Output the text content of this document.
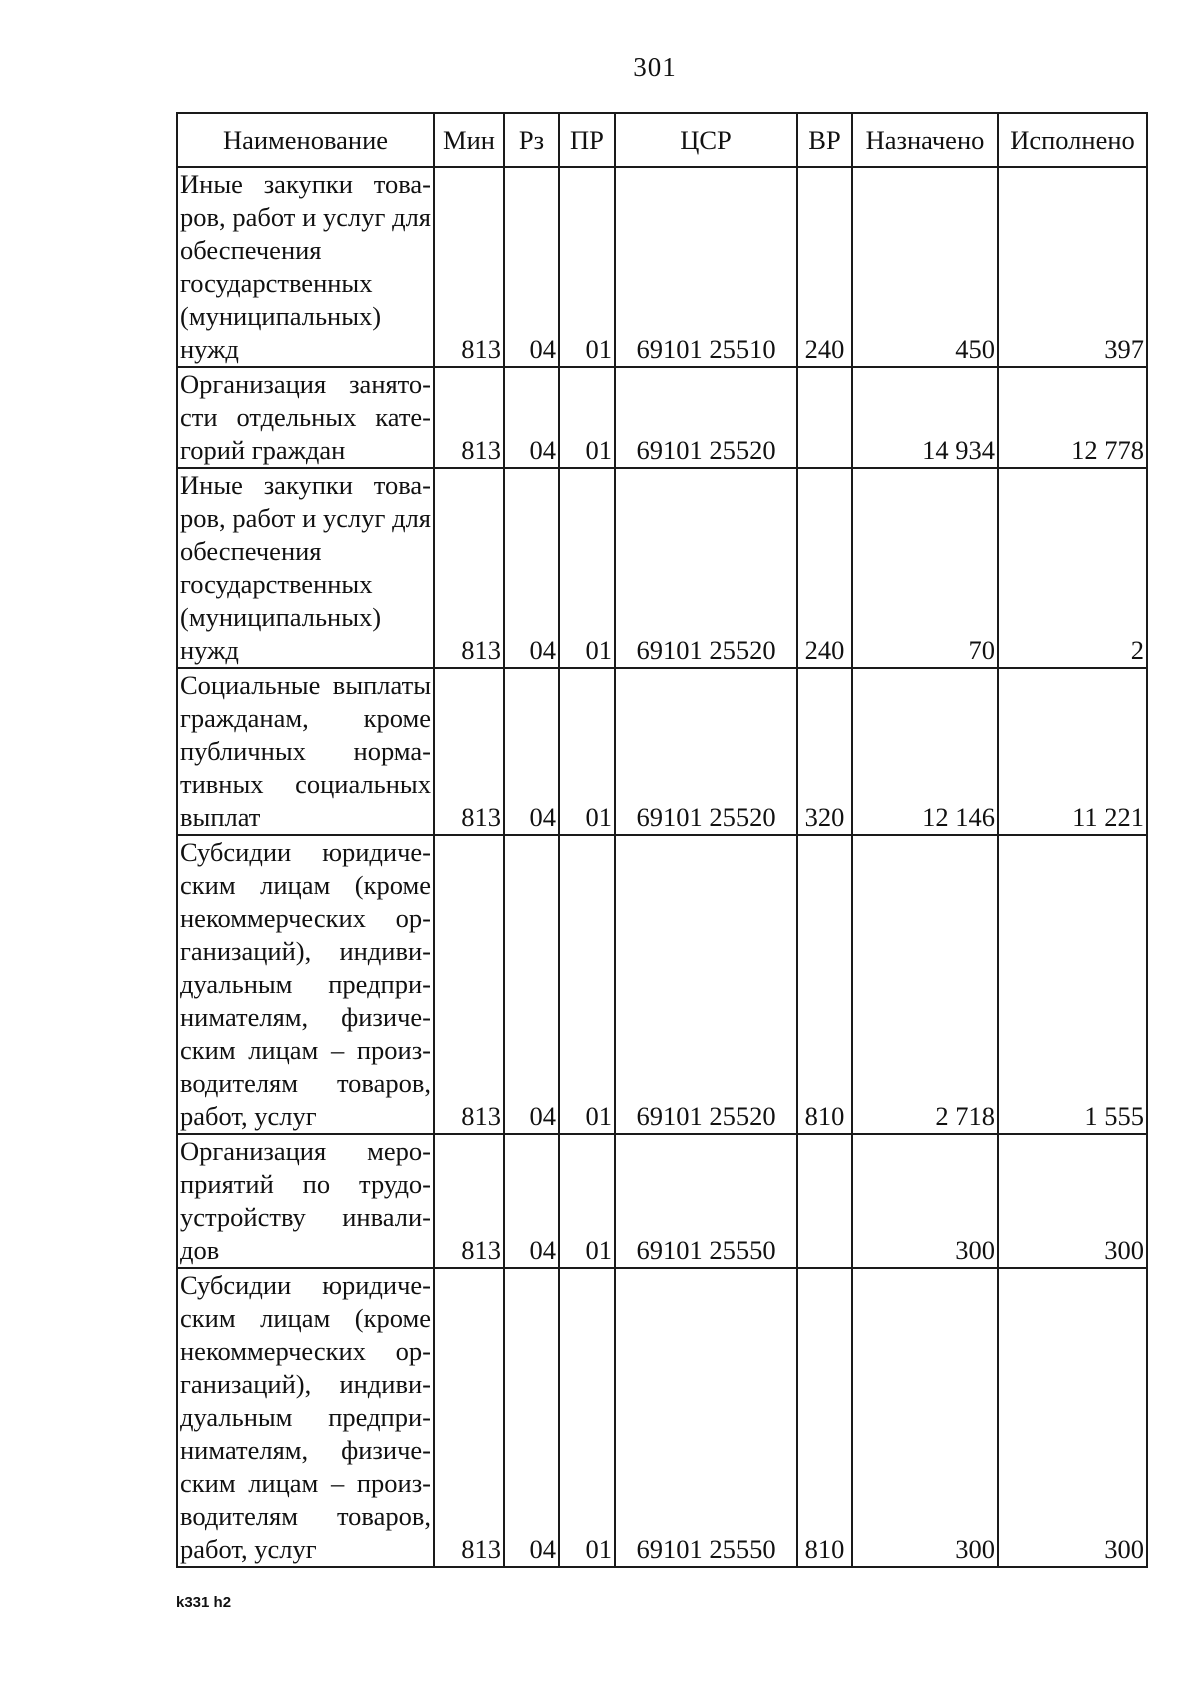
301
Наименование	Мин	Рз	ПР	ЦСР	ВР	Назначено	Исполнено
Иные закупки товаров, работ и услуг для обеспечения государственных (муниципальных) нужд	813	04	01	69101 25510	240	450	397
Организация занятости отдельных категорий граждан	813	04	01	69101 25520		14 934	12 778
Иные закупки товаров, работ и услуг для обеспечения государственных (муниципальных) нужд	813	04	01	69101 25520	240	70	2
Социальные выплаты гражданам, кроме публичных нормативных социальных выплат	813	04	01	69101 25520	320	12 146	11 221
Субсидии юридическим лицам (кроме некоммерческих организаций), индивидуальным предпринимателям, физическим лицам – производителям товаров, работ, услуг	813	04	01	69101 25520	810	2 718	1 555
Организация мероприятий по трудоустройству инвалидов	813	04	01	69101 25550		300	300
Субсидии юридическим лицам (кроме некоммерческих организаций), индивидуальным предпринимателям, физическим лицам – производителям товаров, работ, услуг	813	04	01	69101 25550	810	300	300
k331 h2
